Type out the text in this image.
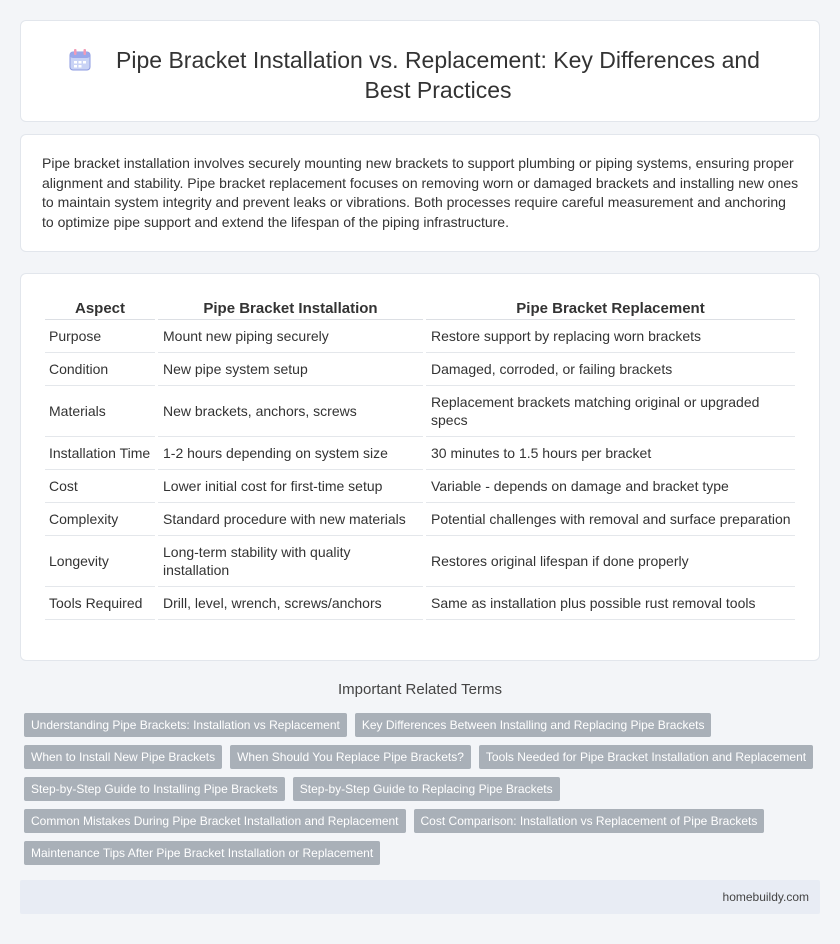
Pipe Bracket Installation vs. Replacement: Key Differences and Best Practices

Pipe bracket installation involves securely mounting new brackets to support plumbing or piping systems, ensuring proper alignment and stability. Pipe bracket replacement focuses on removing worn or damaged brackets and installing new ones to maintain system integrity and prevent leaks or vibrations. Both processes require careful measurement and anchoring to optimize pipe support and extend the lifespan of the piping infrastructure.

Aspect	Pipe Bracket Installation	Pipe Bracket Replacement
Purpose	Mount new piping securely	Restore support by replacing worn brackets
Condition	New pipe system setup	Damaged, corroded, or failing brackets
Materials	New brackets, anchors, screws	Replacement brackets matching original or upgraded specs
Installation Time	1-2 hours depending on system size	30 minutes to 1.5 hours per bracket
Cost	Lower initial cost for first-time setup	Variable - depends on damage and bracket type
Complexity	Standard procedure with new materials	Potential challenges with removal and surface preparation
Longevity	Long-term stability with quality installation	Restores original lifespan if done properly
Tools Required	Drill, level, wrench, screws/anchors	Same as installation plus possible rust removal tools
Important Related Terms
Understanding Pipe Brackets: Installation vs Replacement	Key Differences Between Installing and Replacing Pipe Brackets
When to Install New Pipe Brackets	When Should You Replace Pipe Brackets?	Tools Needed for Pipe Bracket Installation and Replacement
Step-by-Step Guide to Installing Pipe Brackets	Step-by-Step Guide to Replacing Pipe Brackets
Common Mistakes During Pipe Bracket Installation and Replacement	Cost Comparison: Installation vs Replacement of Pipe Brackets
Maintenance Tips After Pipe Bracket Installation or Replacement
homebuildy.com
